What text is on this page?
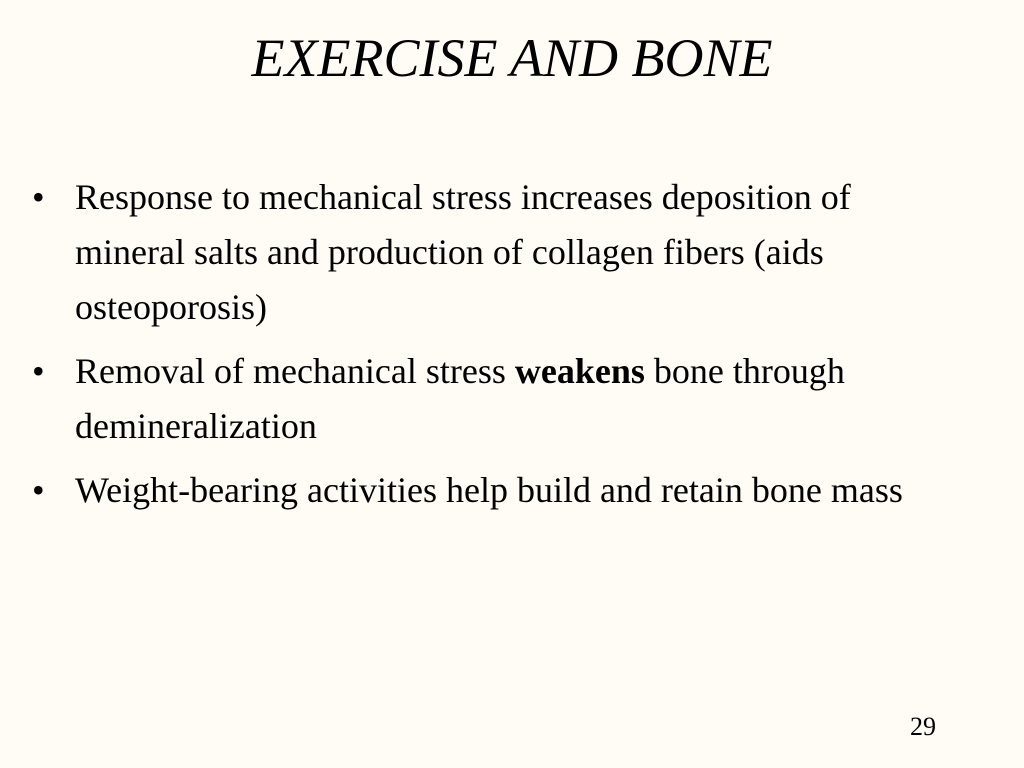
EXERCISE AND BONE
• Response to mechanical stress increases deposition of mineral salts and production of collagen fibers (aids osteoporosis)
• Removal of mechanical stress weakens bone through demineralization
• Weight-bearing activities help build and retain bone mass
29
